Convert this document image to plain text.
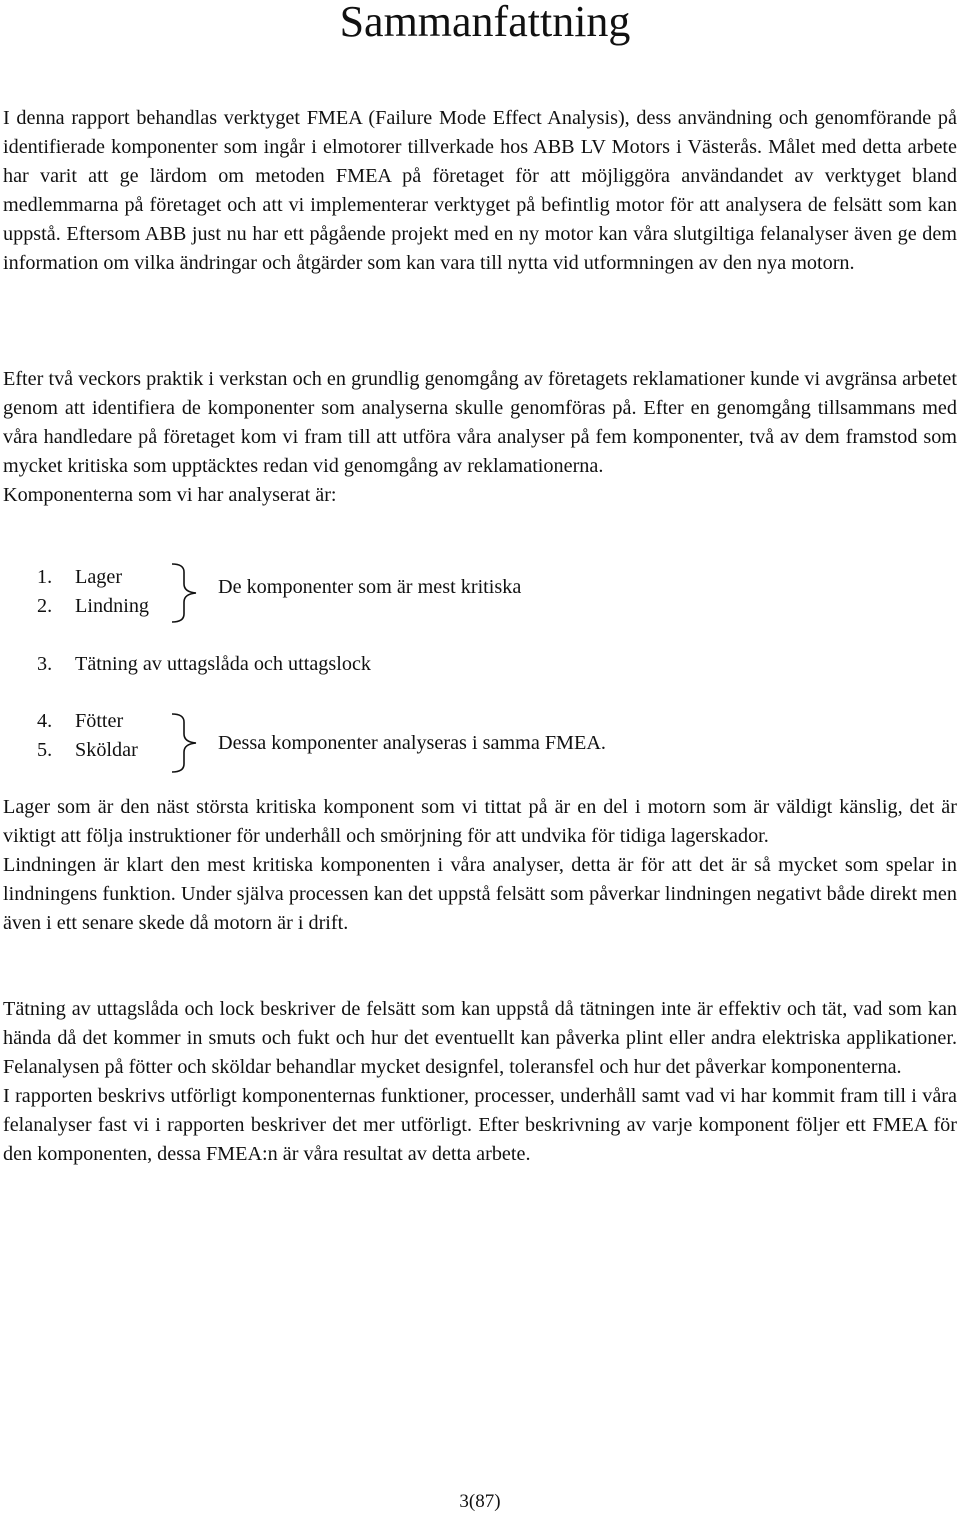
Sammanfattning
I denna rapport behandlas verktyget FMEA (Failure Mode Effect Analysis), dess användning och genomförande på identifierade komponenter som ingår i elmotorer tillverkade hos ABB LV Motors i Västerås. Målet med detta arbete har varit att ge lärdom om metoden FMEA på företaget för att möjliggöra användandet av verktyget bland medlemmarna på företaget och att vi implementerar verktyget på befintlig motor för att analysera de felsätt som kan uppstå. Eftersom ABB just nu har ett pågående projekt med en ny motor kan våra slutgiltiga felanalyser även ge dem information om vilka ändringar och åtgärder som kan vara till nytta vid utformningen av den nya motorn.
Efter två veckors praktik i verkstan och en grundlig genomgång av företagets reklamationer kunde vi avgränsa arbetet genom att identifiera de komponenter som analyserna skulle genomföras på. Efter en genomgång tillsammans med våra handledare på företaget kom vi fram till att utföra våra analyser på fem komponenter, två av dem framstod som mycket kritiska som upptäcktes redan vid genomgång av reklamationerna.
Komponenterna som vi har analyserat är:
1. Lager
2. Lindning
De komponenter som är mest kritiska
3. Tätning av uttagslåda och uttagslock
4. Fötter
5. Sköldar	Dessa komponenter analyseras i samma FMEA.
Lager som är den näst största kritiska komponent som vi tittat på är en del i motorn som är väldigt känslig, det är viktigt att följa instruktioner för underhåll och smörjning för att undvika för tidiga lagerskador.
Lindningen är klart den mest kritiska komponenten i våra analyser, detta är för att det är så mycket som spelar in lindningens funktion. Under själva processen kan det uppstå felsätt som påverkar lindningen negativt både direkt men även i ett senare skede då motorn är i drift.
Tätning av uttagslåda och lock beskriver de felsätt som kan uppstå då tätningen inte är effektiv och tät, vad som kan hända då det kommer in smuts och fukt och hur det eventuellt kan påverka plint eller andra elektriska applikationer. Felanalysen på fötter och sköldar behandlar mycket designfel, toleransfel och hur det påverkar komponenterna.
I rapporten beskrivs utförligt komponenternas funktioner, processer, underhåll samt vad vi har kommit fram till i våra felanalyser fast vi i rapporten beskriver det mer utförligt. Efter beskrivning av varje komponent följer ett FMEA för den komponenten, dessa FMEA:n är våra resultat av detta arbete.
3(87)
